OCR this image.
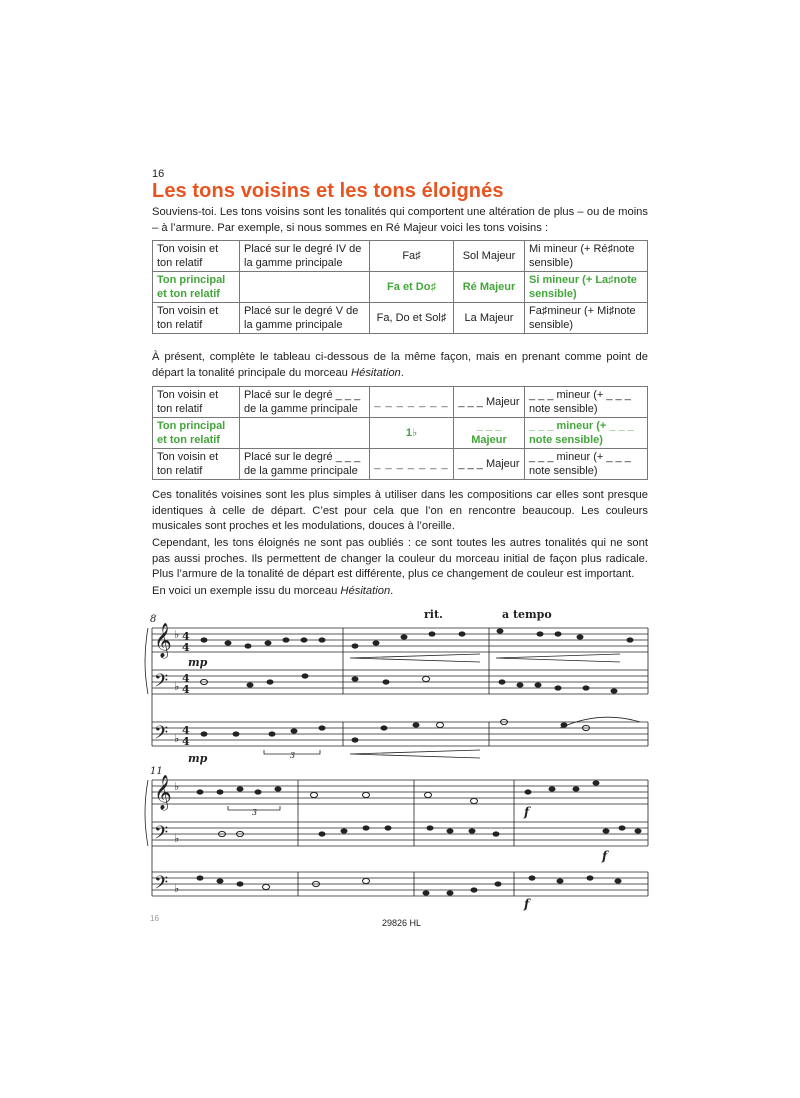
16
Les tons voisins et les tons éloignés
Souviens-toi. Les tons voisins sont les tonalités qui comportent une altération de plus – ou de moins – à l’armure. Par exemple, si nous sommes en Ré Majeur voici les tons voisins :
Ton voisin et ton relatif	Placé sur le degré IV de la gamme principale	Fa♯	Sol Majeur	Mi mineur (+ Ré♯note sensible)
Ton principal et ton relatif		Fa et Do♯	Ré Majeur	Si mineur (+ La♯note sensible)
Ton voisin et ton relatif	Placé sur le degré V de la gamme principale	Fa, Do et Sol♯	La Majeur	Fa♯mineur (+ Mi♯note sensible)
À présent, complète le tableau ci-dessous de la même façon, mais en prenant comme point de départ la tonalité principale du morceau Hésitation.
Ton voisin et ton relatif	Placé sur le degré _ _ _ de la gamme principale	_ _ _ _ _ _ _	_ _ _ Majeur	_ _ _ mineur (+ _ _ _ note sensible)
Ton principal et ton relatif		1♭	_ _ _ Majeur	_ _ _ mineur (+ _ _ _ note sensible)
Ton voisin et ton relatif	Placé sur le degré _ _ _ de la gamme principale	_ _ _ _ _ _ _	_ _ _ Majeur	_ _ _ mineur (+ _ _ _ note sensible)
Ces tonalités voisines sont les plus simples à utiliser dans les compositions car elles sont presque identiques à celle de départ. C’est pour cela que l’on en rencontre beaucoup. Les couleurs musicales sont proches et les modulations, douces à l’oreille.
Cependant, les tons éloignés ne sont pas oubliés : ce sont toutes les autres tonalités qui ne sont pas aussi proches. Ils permettent de changer la couleur du morceau initial de façon plus radicale. Plus l’armure de la tonalité de départ est différente, plus ce changement de couleur est important.
En voici un exemple issu du morceau Hésitation.
𝄞
𝄢
𝄢
𝄞
𝄢
𝄢
♭
♭
♭
♭
♭
♭
4
4
4
4
4
4
8	rit.	a tempo
mp
mp	3
11
3	f
f
f
16	29826 HL
